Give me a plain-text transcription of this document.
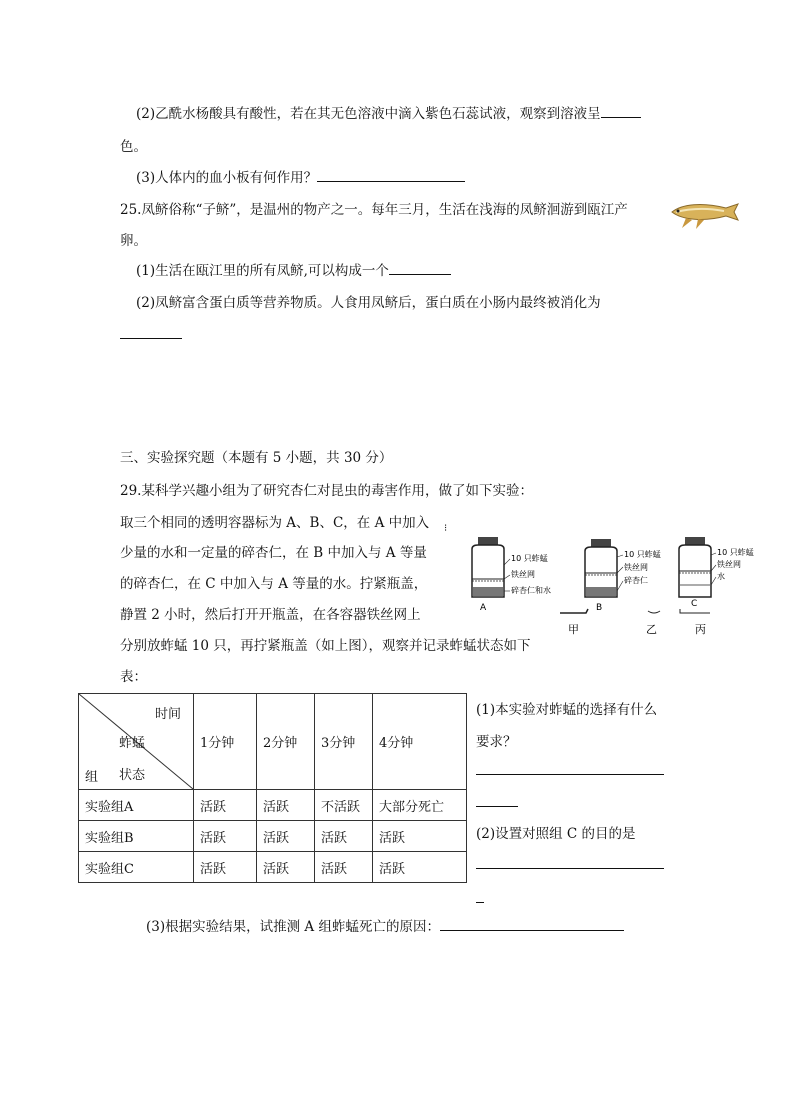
(2)乙酰水杨酸具有酸性，若在其无色溶液中滴入紫色石蕊试液，观察到溶液呈
色。
(3)人体内的血小板有何作用？
25.凤鲚俗称“子鲚”，是温州的物产之一。每年三月，生活在浅海的凤鲚洄游到瓯江产
卵。
(1)生活在瓯江里的所有凤鲚,可以构成一个
(2)凤鲚富含蛋白质等营养物质。人食用凤鲚后，蛋白质在小肠内最终被消化为
三、实验探究题（本题有 5 小题，共 30 分）
29.某科学兴趣小组为了研究杏仁对昆虫的毒害作用，做了如下实验：
取三个相同的透明容器标为 A、B、C，在 A 中加入
少量的水和一定量的碎杏仁，在 B 中加入与 A 等量
的碎杏仁，在 C 中加入与 A 等量的水。拧紧瓶盖，
静置 2 小时，然后打开开瓶盖，在各容器铁丝网上
分别放蚱蜢 10 只，再拧紧瓶盖（如上图），观察并记录蚱蜢状态如下
表：
⁝
10 只蚱蜢
铁丝网
碎杏仁和水
A
10 只蚱蜢
铁丝网
碎杏仁
B
10 只蚱蜢
铁丝网
水
C
甲	乙	丙
时间
蚱蜢
组 状态	1分钟	2分钟	3分钟	4分钟
实验组A	活跃	活跃	不活跃	大部分死亡
实验组B	活跃	活跃	活跃	活跃
实验组C	活跃	活跃	活跃	活跃
(1)本实验对蚱蜢的选择有什么
要求？
(2)设置对照组 C 的目的是
(3)根据实验结果，试推测 A 组蚱蜢死亡的原因：
